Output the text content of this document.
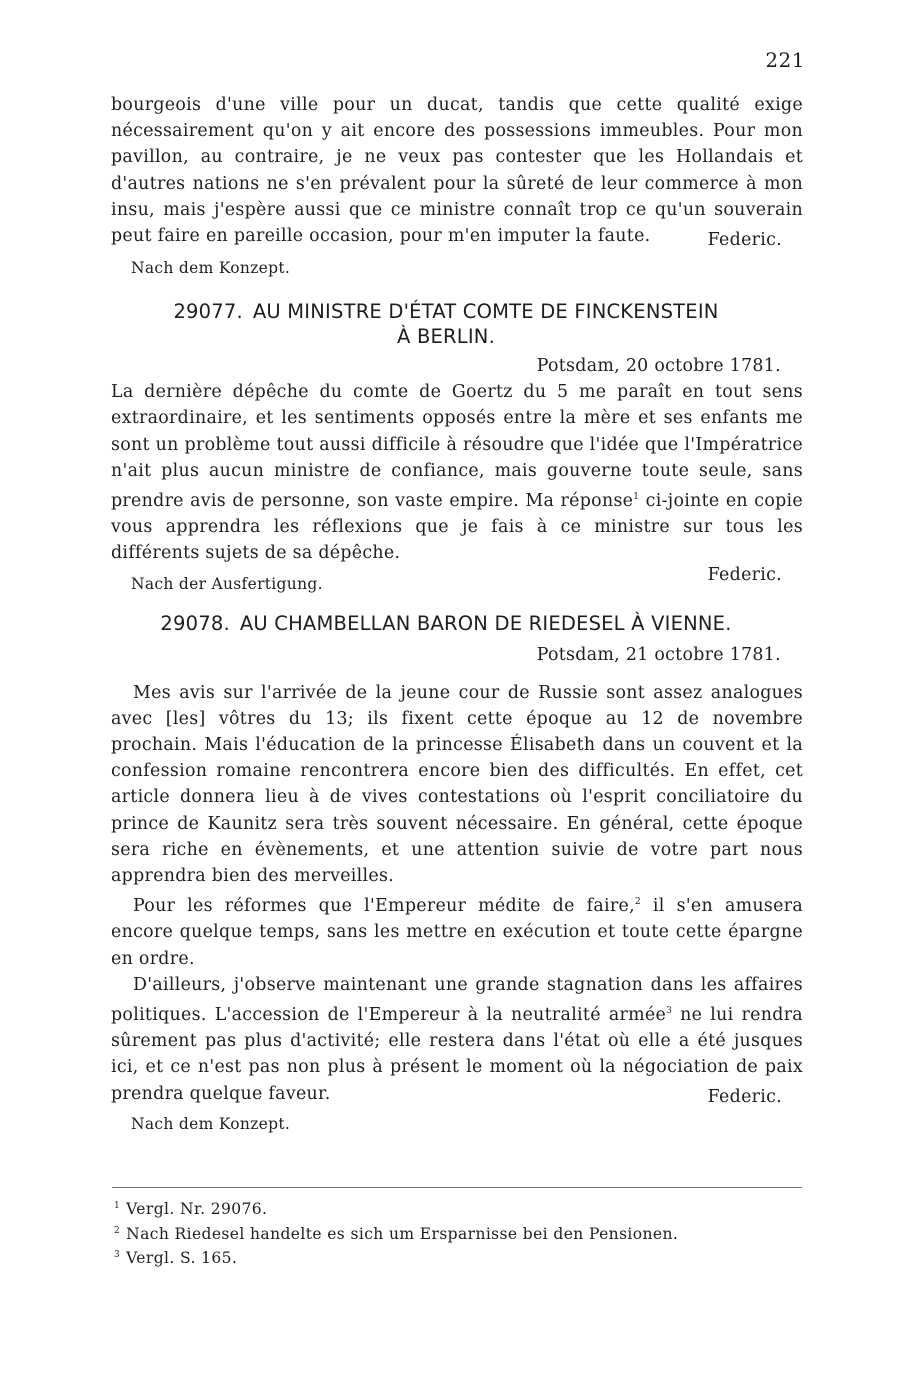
221

bourgeois d'une ville pour un ducat, tandis que cette qualité exige nécessairement qu'on y ait encore des possessions immeubles. Pour mon pavillon, au contraire, je ne veux pas contester que les Hollandais et d'autres nations ne s'en prévalent pour la sûreté de leur commerce à mon insu, mais j'espère aussi que ce ministre connaît trop ce qu'un souverain peut faire en pareille occasion, pour m'en imputer la faute.	Federic.
Nach dem Konzept.
29077. AU MINISTRE D'ÉTAT COMTE DE FINCKENSTEIN
À BERLIN.
Potsdam, 20 octobre 1781.

La dernière dépêche du comte de Goertz du 5 me paraît en tout sens extraordinaire, et les sentiments opposés entre la mère et ses enfants me sont un problème tout aussi difficile à résoudre que l'idée que l'Impératrice n'ait plus aucun ministre de confiance, mais gouverne toute seule, sans prendre avis de personne, son vaste empire. Ma réponse$^1$ ci-jointe en copie vous apprendra les réflexions que je fais à ce ministre sur tous les différents sujets de sa dépêche.

Nach der Ausfertigung.	Federic.
29078. AU CHAMBELLAN BARON DE RIEDESEL À VIENNE.
Potsdam, 21 octobre 1781.

Mes avis sur l'arrivée de la jeune cour de Russie sont assez analogues avec [les] vôtres du 13; ils fixent cette époque au 12 de novembre prochain. Mais l'éducation de la princesse Élisabeth dans un couvent et la confession romaine rencontrera encore bien des difficultés. En effet, cet article donnera lieu à de vives contestations où l'esprit conciliatoire du prince de Kaunitz sera très souvent nécessaire. En général, cette époque sera riche en évènements, et une attention suivie de votre part nous apprendra bien des merveilles.

Pour les réformes que l'Empereur médite de faire,$^2$ il s'en amusera encore quelque temps, sans les mettre en exécution et toute cette épargne en ordre.

D'ailleurs, j'observe maintenant une grande stagnation dans les affaires politiques. L'accession de l'Empereur à la neutralité armée$^3$ ne lui rendra sûrement pas plus d'activité; elle restera dans l'état où elle a été jusques ici, et ce n'est pas non plus à présent le moment où la négociation de paix prendra quelque faveur.	Federic.
Nach dem Konzept.
$^1$ Vergl. Nr. 29076.
$^2$ Nach Riedesel handelte es sich um Ersparnisse bei den Pensionen.
$^3$ Vergl. S. 165.
